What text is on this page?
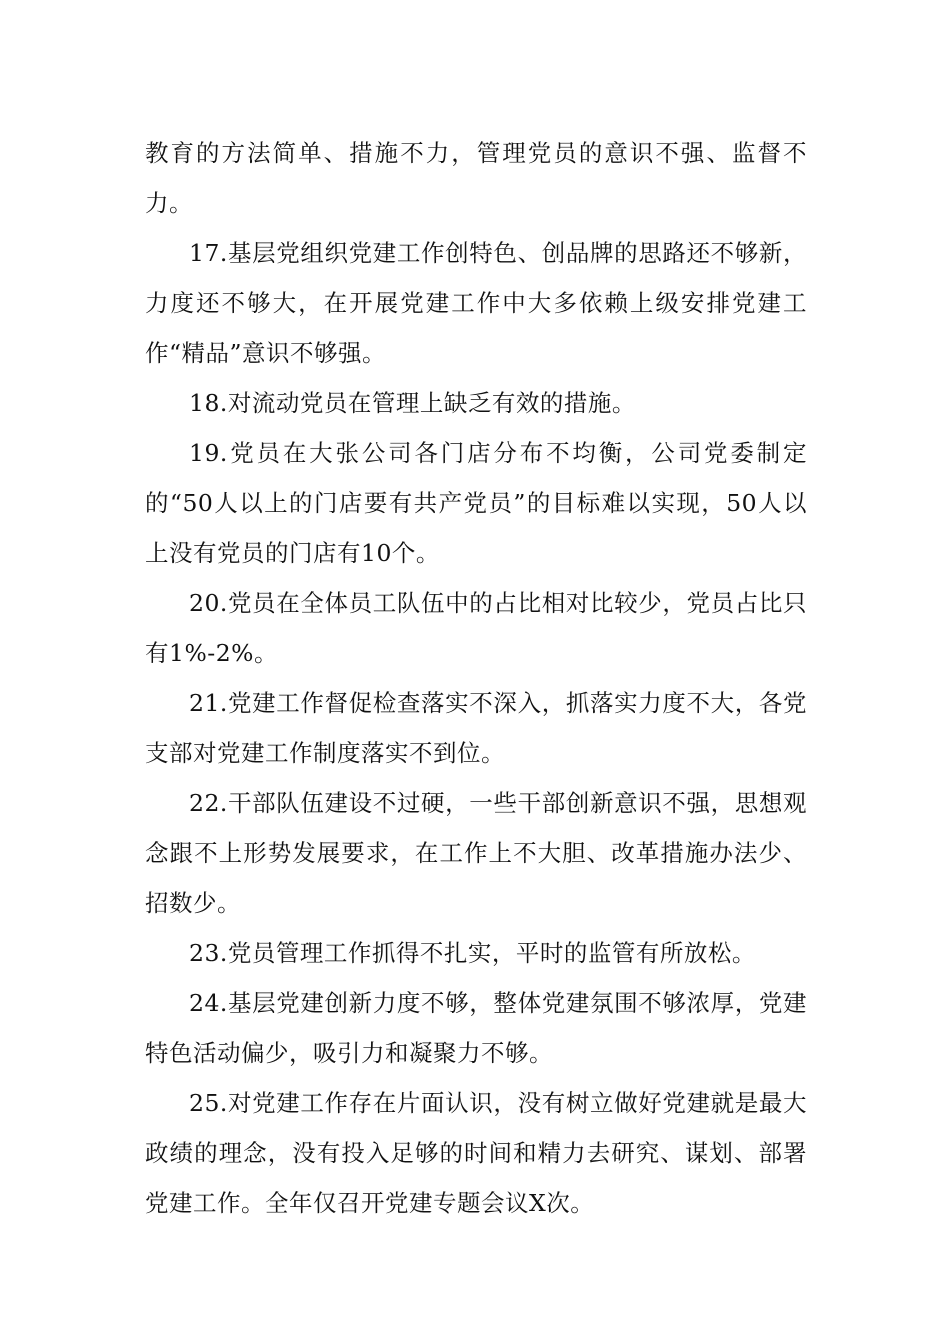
教育的方法简单、措施不力，管理党员的意识不强、监督不力。

17.基层党组织党建工作创特色、创品牌的思路还不够新，力度还不够大，在开展党建工作中大多依赖上级安排党建工作“精品”意识不够强。

18.对流动党员在管理上缺乏有效的措施。

19.党员在大张公司各门店分布不均衡，公司党委制定的“50人以上的门店要有共产党员”的目标难以实现，50人以上没有党员的门店有10个。

20.党员在全体员工队伍中的占比相对比较少，党员占比只有1%-2%。

21.党建工作督促检查落实不深入，抓落实力度不大，各党支部对党建工作制度落实不到位。

22.干部队伍建设不过硬，一些干部创新意识不强，思想观念跟不上形势发展要求，在工作上不大胆、改革措施办法少、招数少。

23.党员管理工作抓得不扎实，平时的监管有所放松。

24.基层党建创新力度不够，整体党建氛围不够浓厚，党建特色活动偏少，吸引力和凝聚力不够。

25.对党建工作存在片面认识，没有树立做好党建就是最大政绩的理念，没有投入足够的时间和精力去研究、谋划、部署党建工作。全年仅召开党建专题会议X次。
